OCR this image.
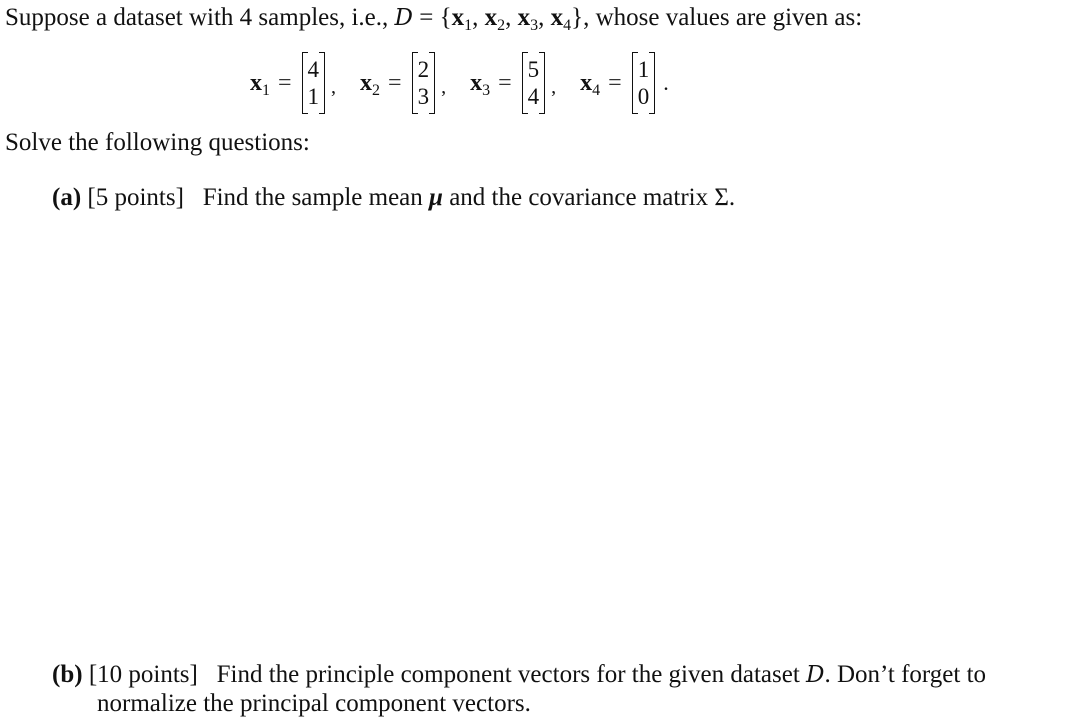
Suppose a dataset with 4 samples, i.e., $D = \{x_1$, $x_2$, $x_3$, $x_4$}, whose values are given as:
$x_1 = 4$
1 , $x_2 = 2$
3 , $x_3 = 5$
4 , $x_4 = 1$
0
.
Solve the following questions:
(a) [5 points] Find the sample mean μ and the covariance matrix Σ.
(b) [10 points] Find the principle component vectors for the given dataset D. Don’t forget to
normalize the principal component vectors.
